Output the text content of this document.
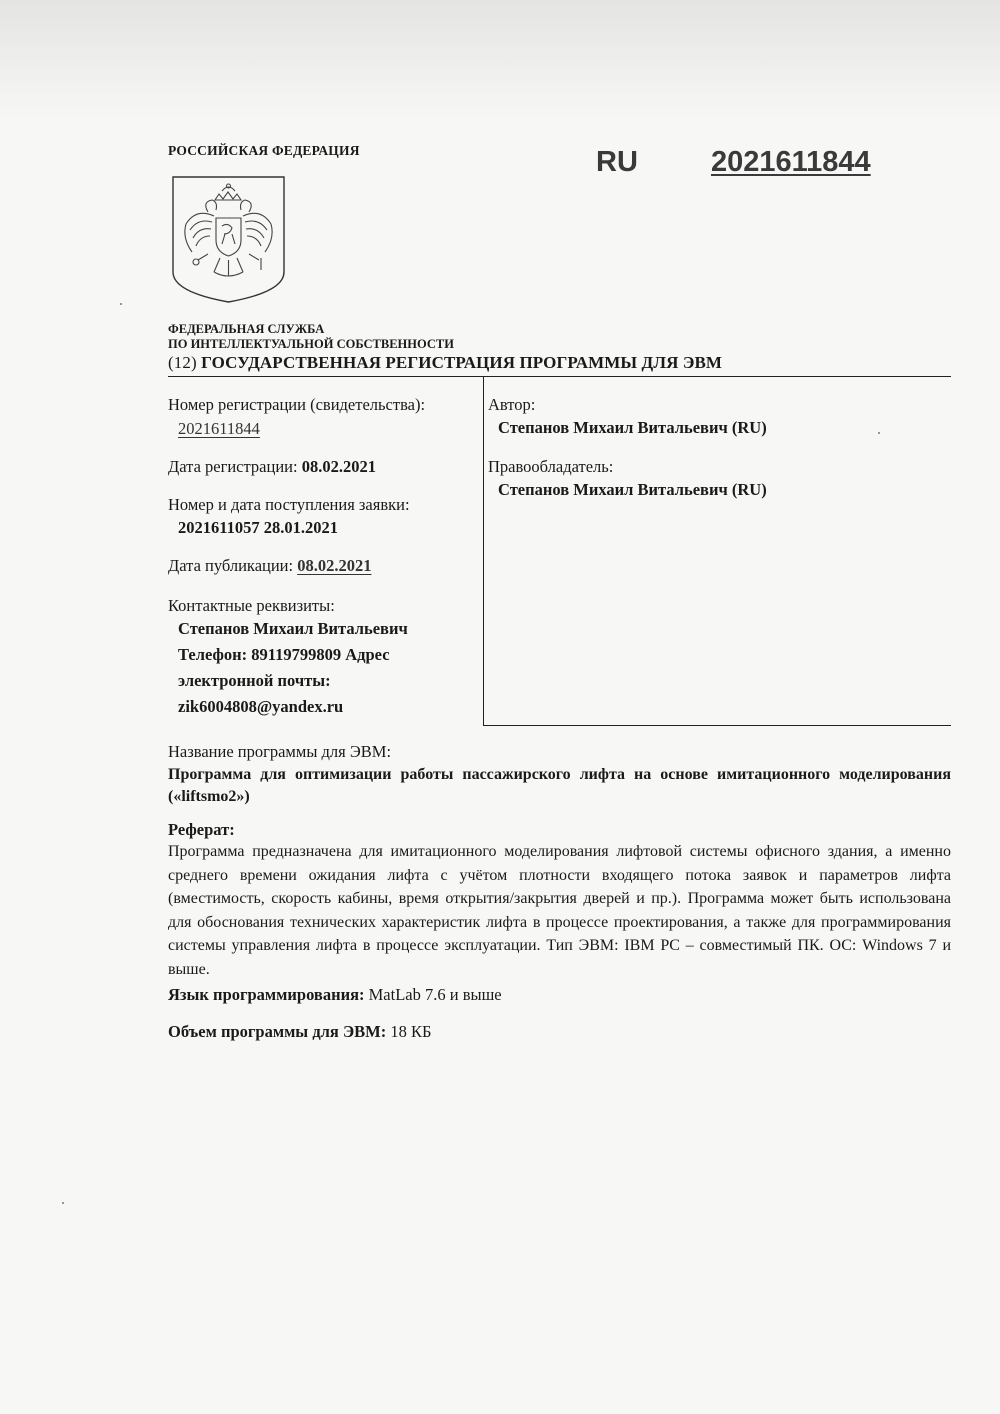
РОССИЙСКАЯ ФЕДЕРАЦИЯ	RU	2021611844
ФЕДЕРАЛЬНАЯ СЛУЖБА
ПО ИНТЕЛЛЕКТУАЛЬНОЙ СОБСТВЕННОСТИ
(12) ГОСУДАРСТВЕННАЯ РЕГИСТРАЦИЯ ПРОГРАММЫ ДЛЯ ЭВМ
Номер регистрации (свидетельства):
2021611844
Дата регистрации: 08.02.2021
Номер и дата поступления заявки:
2021611057 28.01.2021
Дата публикации: 08.02.2021
Контактные реквизиты:
Степанов Михаил Витальевич
Телефон: 89119799809 Адрес
электронной почты:
zik6004808@yandex.ru
Автор:
Степанов Михаил Витальевич (RU)
Правообладатель:
Степанов Михаил Витальевич (RU)
Название программы для ЭВМ:
Программа для оптимизации работы пассажирского лифта на основе имитационного моделирования («liftsmo2»)
Реферат:
Программа предназначена для имитационного моделирования лифтовой системы офисного здания, а именно среднего времени ожидания лифта с учётом плотности входящего потока заявок и параметров лифта (вместимость, скорость кабины, время открытия/закрытия дверей и пр.). Программа может быть использована для обоснования технических характеристик лифта в процессе проектирования, а также для программирования системы управления лифта в процессе эксплуатации. Тип ЭВМ: IBM PC – совместимый ПК. ОС: Windows 7 и выше.
Язык программирования: MatLab 7.6 и выше
Объем программы для ЭВМ: 18 КБ
